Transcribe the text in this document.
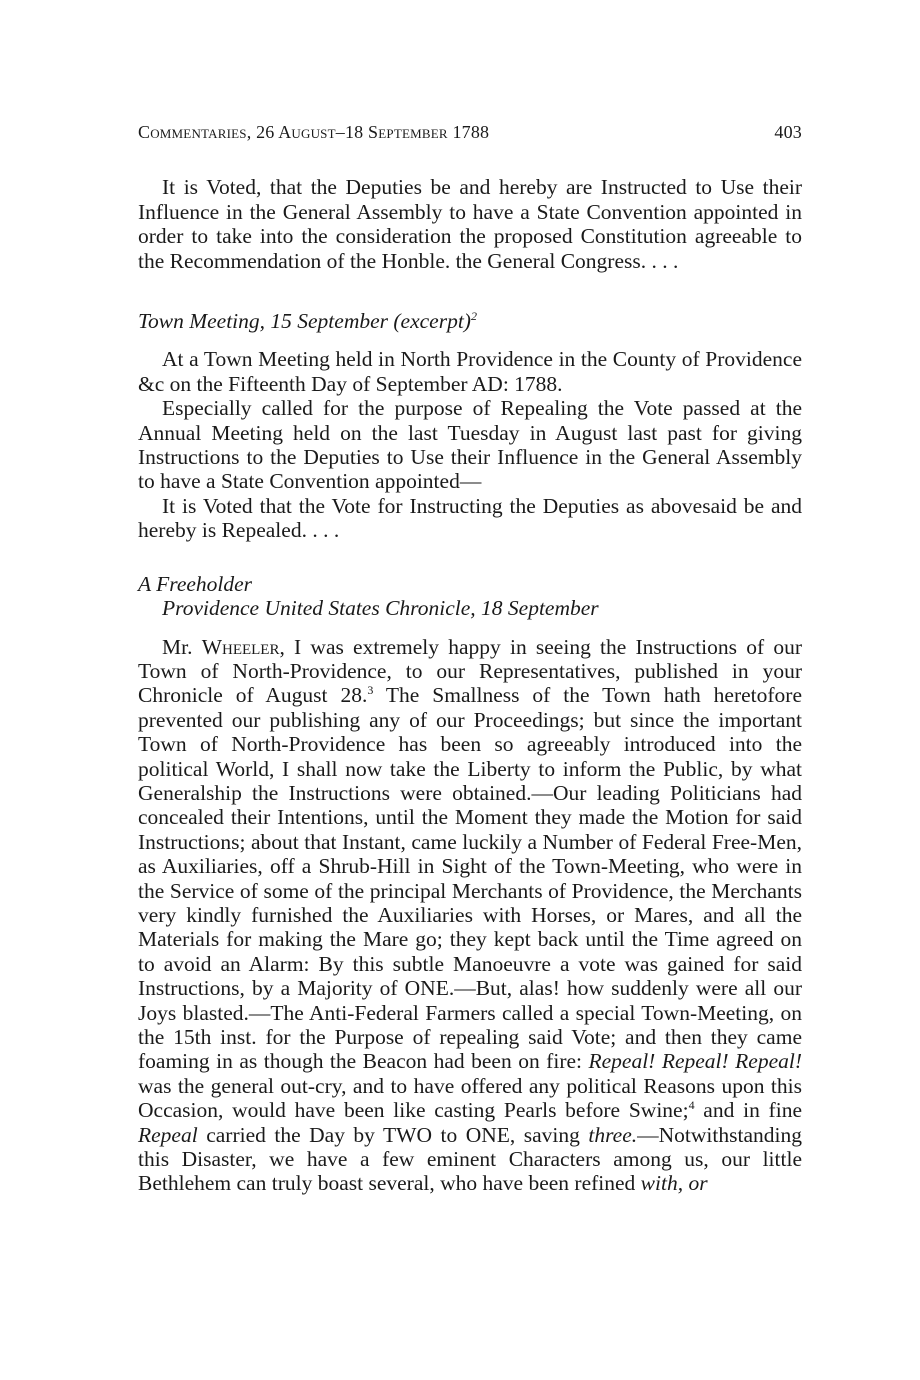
Commentaries, 26 August–18 September 1788	403

It is Voted, that the Deputies be and hereby are Instructed to Use their Influence in the General Assembly to have a State Convention appointed in order to take into the consideration the proposed Constitution agreeable to the Recommendation of the Honble. the General Congress. . . .

Town Meeting, 15 September (excerpt)$^2$

At a Town Meeting held in North Providence in the County of Providence &c on the Fifteenth Day of September AD: 1788.

Especially called for the purpose of Repealing the Vote passed at the Annual Meeting held on the last Tuesday in August last past for giving Instructions to the Deputies to Use their Influence in the General Assembly to have a State Convention appointed—

It is Voted that the Vote for Instructing the Deputies as abovesaid be and hereby is Repealed. . . .

A Freeholder
Providence United States Chronicle, 18 September

Mr. Wheeler, I was extremely happy in seeing the Instructions of our Town of North-Providence, to our Representatives, published in your Chronicle of August 28.$^3$ The Smallness of the Town hath heretofore prevented our publishing any of our Proceedings; but since the important Town of North-Providence has been so agreeably introduced into the political World, I shall now take the Liberty to inform the Public, by what Generalship the Instructions were obtained.—Our leading Politicians had concealed their Intentions, until the Moment they made the Motion for said Instructions; about that Instant, came luckily a Number of Federal Free-Men, as Auxiliaries, off a Shrub-Hill in Sight of the Town-Meeting, who were in the Service of some of the principal Merchants of Providence, the Merchants very kindly furnished the Auxiliaries with Horses, or Mares, and all the Materials for making the Mare go; they kept back until the Time agreed on to avoid an Alarm: By this subtle Manoeuvre a vote was gained for said Instructions, by a Majority of ONE.—But, alas! how suddenly were all our Joys blasted.—The Anti-Federal Farmers called a special Town-Meeting, on the 15th inst. for the Purpose of repealing said Vote; and then they came foaming in as though the Beacon had been on fire: Repeal! Repeal! Repeal! was the general out-cry, and to have offered any political Reasons upon this Occasion, would have been like casting Pearls before Swine;$^4$ and in fine Repeal carried the Day by TWO to ONE, saving three.—Notwithstanding this Disaster, we have a few eminent Characters among us, our little Bethlehem can truly boast several, who have been refined with, or
